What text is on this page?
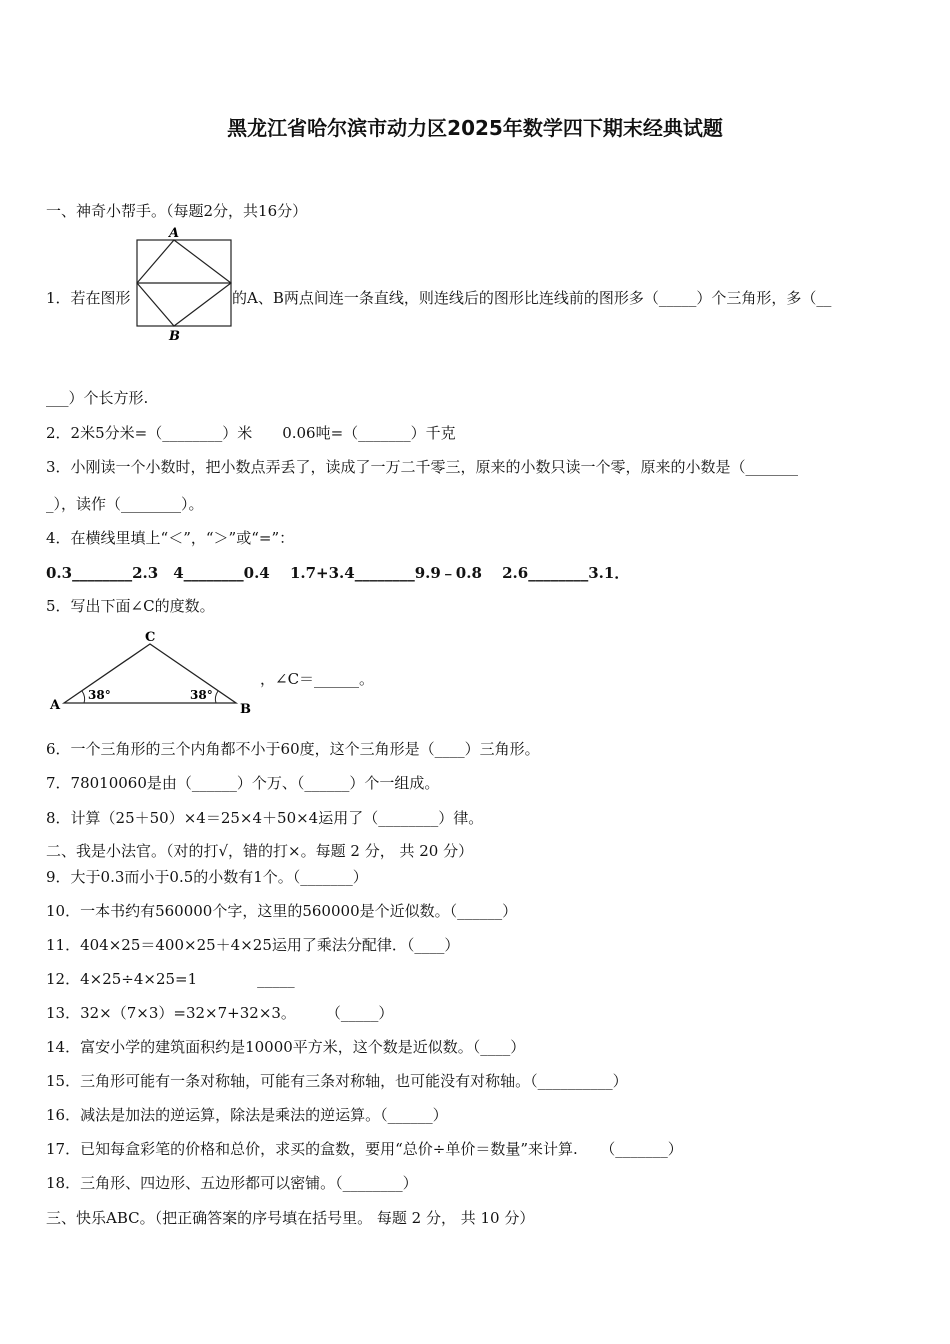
黑龙江省哈尔滨市动力区2025年数学四下期末经典试题
一、神奇小帮手。（每题2分，共16分）
1．若在图形
A
B
的A、B两点间连一条直线，则连线后的图形比连线前的图形多（_____）个三角形，多（__
___）个长方形.
2．2米5分米=（________）米　　0.06吨=（_______）千克
3．小刚读一个小数时，把小数点弄丢了，读成了一万二千零三，原来的小数只读一个零，原来的小数是（_______
_），读作（________）。
4．在横线里填上“＜”，“＞”或“=”：
0.3________2.3　4________0.4　 1.7+3.4________9.9﹣0.8　 2.6________3.1．
5．写出下面∠C的度数。
C
A	B
38°	38°
，∠C＝______。
6．一个三角形的三个内角都不小于60度，这个三角形是（____）三角形。
7．78010060是由（______）个万、（______）个一组成。
8．计算（25＋50）×4＝25×4＋50×4运用了（________）律。
二、我是小法官。（对的打√，错的打×。每题 2 分， 共 20 分）
9．大于0.3而小于0.5的小数有1个。（_______）
10．一本书约有560000个字，这里的560000是个近似数。（______）
11．404×25＝400×25＋4×25运用了乘法分配律．（____）
12．4×25÷4×25=1　　　　_____
13．32×（7×3）=32×7+32×3。　　　（_____）
14．富安小学的建筑面积约是10000平方米，这个数是近似数。（____）
15．三角形可能有一条对称轴，可能有三条对称轴，也可能没有对称轴。（__________）
16．减法是加法的逆运算，除法是乘法的逆运算。（______）
17．已知每盒彩笔的价格和总价，求买的盒数，要用“总价÷单价＝数量”来计算.　　（_______）
18．三角形、四边形、五边形都可以密铺。（________）
三、快乐ABC。（把正确答案的序号填在括号里。 每题 2 分， 共 10 分）
